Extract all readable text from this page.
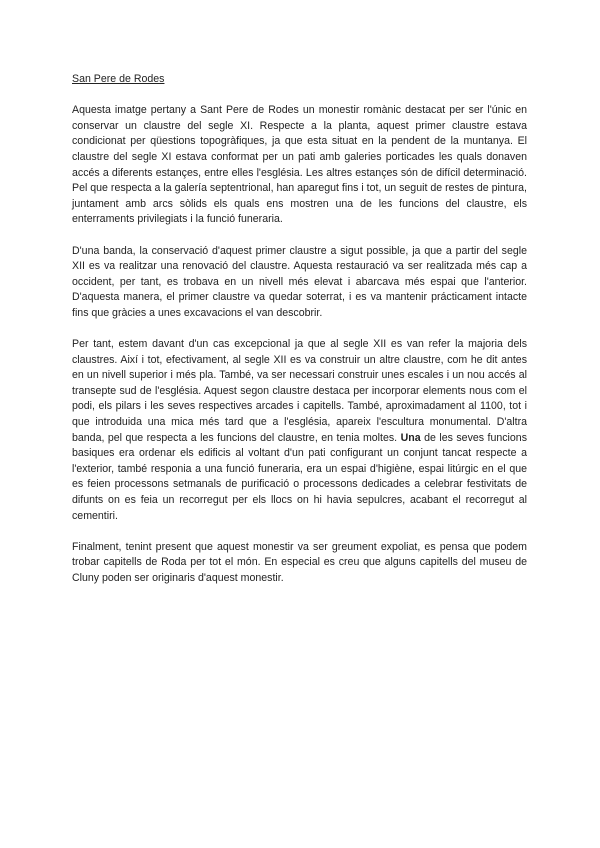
San Pere de Rodes

Aquesta imatge pertany a Sant Pere de Rodes un monestir romànic destacat per ser l'únic en conservar un claustre del segle XI. Respecte a la planta, aquest primer claustre estava condicionat per qüestions topogràfiques, ja que esta situat en la pendent de la muntanya. El claustre del segle XI estava conformat per un pati amb galeries porticades les quals donaven accés a diferents estançes, entre elles l'església. Les altres estançes són de difícil determinació. Pel que respecta a la galería septentrional, han aparegut fins i tot, un seguit de restes de pintura, juntament amb arcs sòlids els quals ens mostren una de les funcions del claustre, els enterraments privilegiats i la funció funeraria.

D'una banda, la conservació d'aquest primer claustre a sigut possible, ja que a partir del segle XII es va realitzar una renovació del claustre. Aquesta restauració va ser realitzada més cap a occident, per tant, es trobava en un nivell més elevat i abarcava més espai que l'anterior. D'aquesta manera, el primer claustre va quedar soterrat, i es va mantenir prácticament intacte fins que gràcies a unes excavacions el van descobrir.

Per tant, estem davant d'un cas excepcional ja que al segle XII es van refer la majoria dels claustres. Així i tot, efectivament, al segle XII es va construir un altre claustre, com he dit antes en un nivell superior i més pla. També, va ser necessari construir unes escales i un nou accés al transepte sud de l'església. Aquest segon claustre destaca per incorporar elements nous com el podi, els pilars i les seves respectives arcades i capitells. També, aproximadament al 1100, tot i que introduida una mica més tard que a l'església, apareix l'escultura monumental. D'altra banda, pel que respecta a les funcions del claustre, en tenia moltes. Una de les seves funcions basiques era ordenar els edificis al voltant d'un pati configurant un conjunt tancat respecte a l'exterior, també responia a una funció funeraria, era un espai d'higiène, espai litúrgic en el que es feien processons setmanals de purificació o processons dedicades a celebrar festivitats de difunts on es feia un recorregut per els llocs on hi havia sepulcres, acabant el recorregut al cementiri.

Finalment, tenint present que aquest monestir va ser greument expoliat, es pensa que podem trobar capitells de Roda per tot el món. En especial es creu que alguns capitells del museu de Cluny poden ser originaris d'aquest monestir.
